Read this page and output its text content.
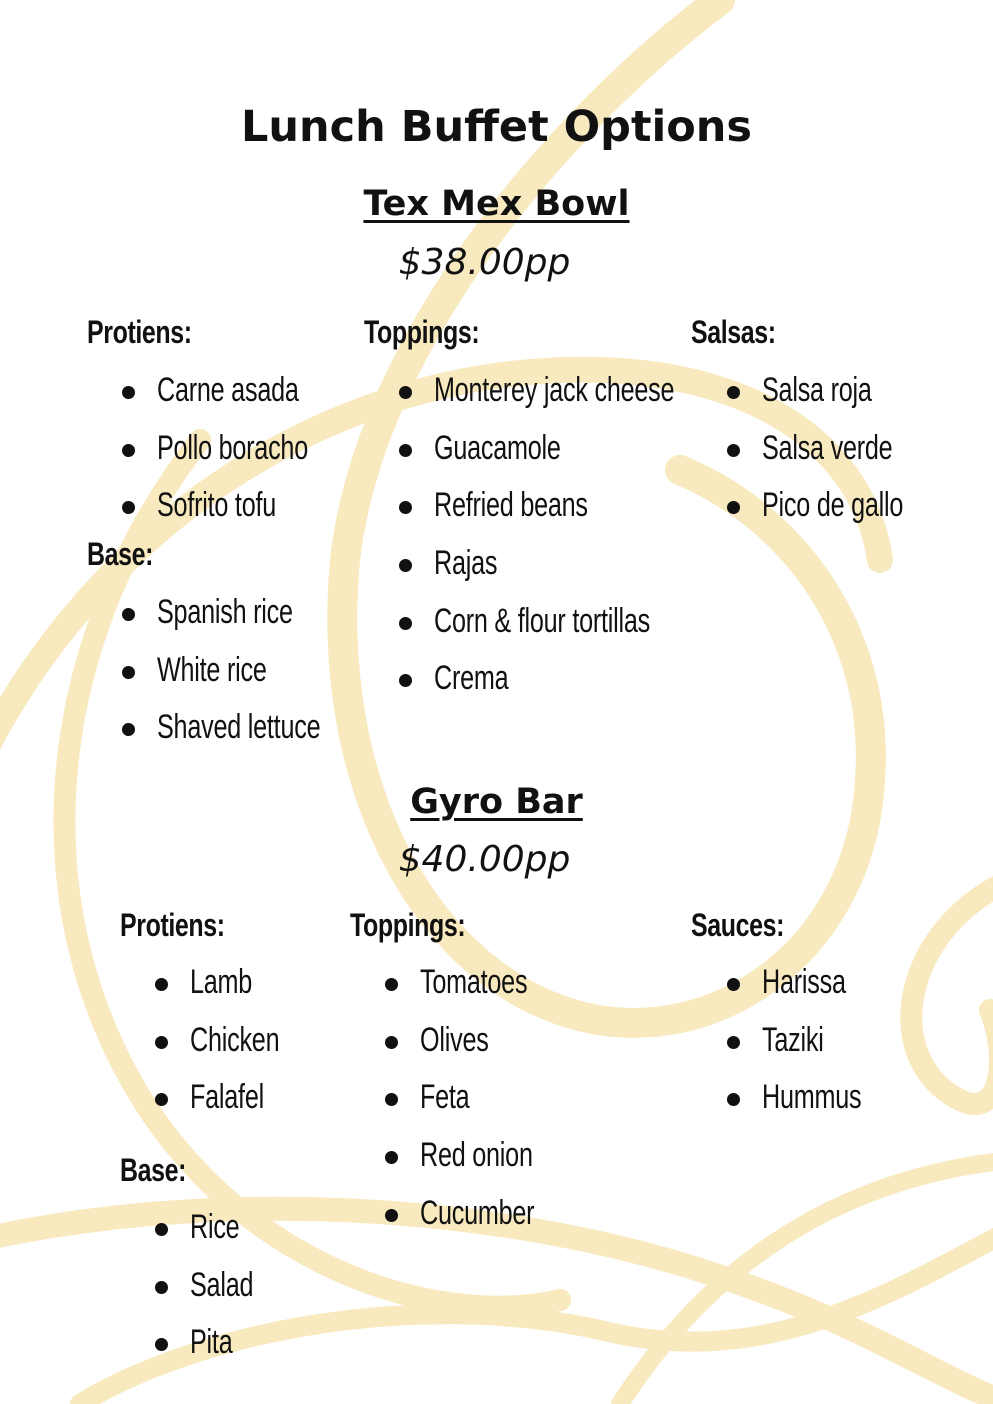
Lunch Buffet Options
Tex Mex Bowl
$38.00pp
Protiens:
Carne asada
Pollo boracho
Sofrito tofu
Base:
Spanish rice
White rice
Shaved lettuce
Toppings:
Monterey jack cheese
Guacamole
Refried beans
Rajas
Corn & flour tortillas
Crema
Salsas:
Salsa roja
Salsa verde
Pico de gallo
Gyro Bar
$40.00pp
Protiens:
Lamb
Chicken
Falafel
Base:
Rice
Salad
Pita
Toppings:
Tomatoes
Olives
Feta
Red onion
Cucumber
Sauces:
Harissa
Taziki
Hummus
